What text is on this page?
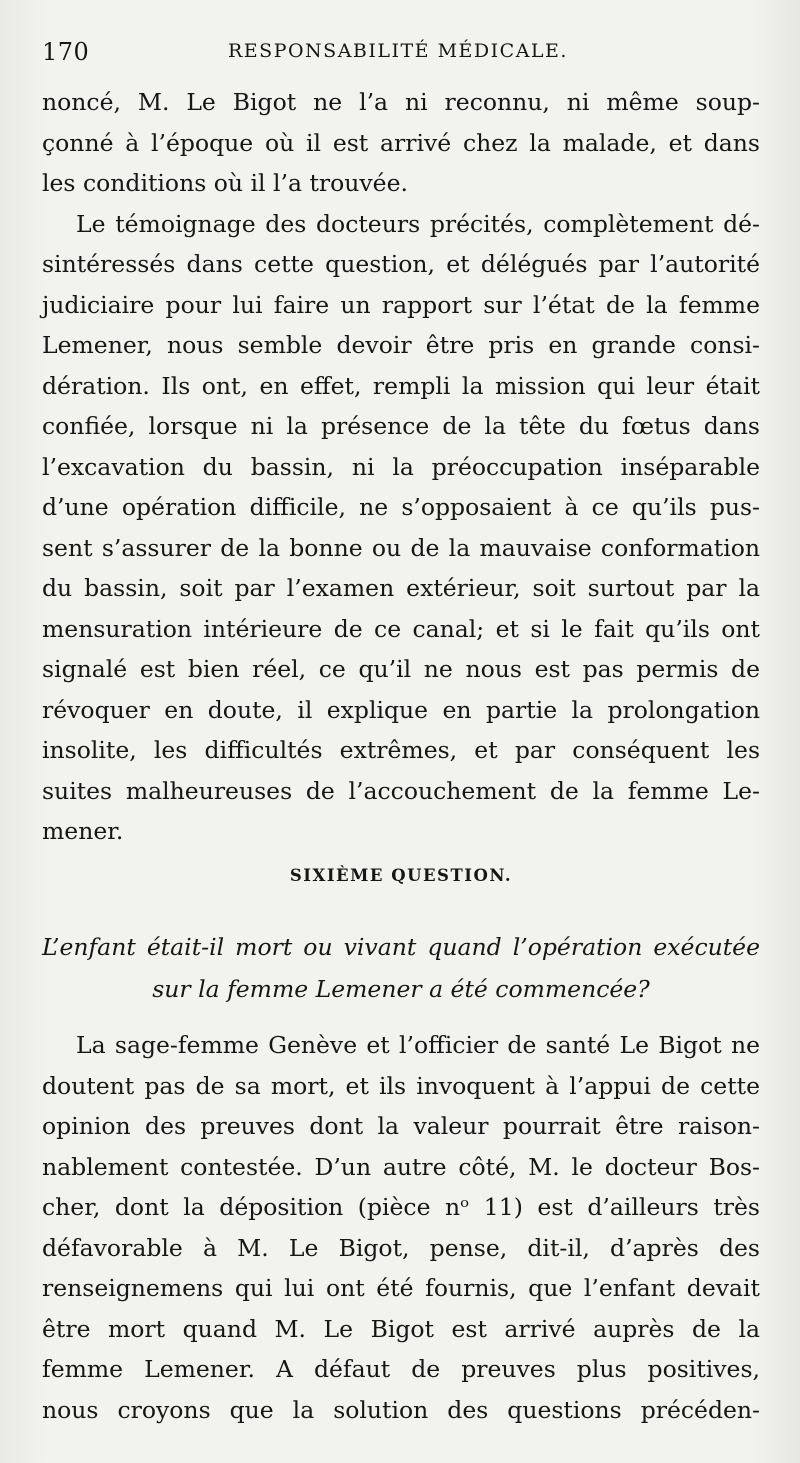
170	RESPONSABILITÉ MÉDICALE.
noncé, M. Le Bigot ne l’a ni reconnu, ni même soup-
çonné à l’époque où il est arrivé chez la malade, et dans
les conditions où il l’a trouvée.
Le témoignage des docteurs précités, complètement dé-
sintéressés dans cette question, et délégués par l’autorité
judiciaire pour lui faire un rapport sur l’état de la femme
Lemener, nous semble devoir être pris en grande consi-
dération. Ils ont, en effet, rempli la mission qui leur était
confiée, lorsque ni la présence de la tête du fœtus dans
l’excavation du bassin, ni la préoccupation inséparable
d’une opération difficile, ne s’opposaient à ce qu’ils pus-
sent s’assurer de la bonne ou de la mauvaise conformation
du bassin, soit par l’examen extérieur, soit surtout par la
mensuration intérieure de ce canal; et si le fait qu’ils ont
signalé est bien réel, ce qu’il ne nous est pas permis de
révoquer en doute, il explique en partie la prolongation
insolite, les difficultés extrêmes, et par conséquent les
suites malheureuses de l’accouchement de la femme Le-
mener.
SIXIÈME QUESTION.
L’enfant était-il mort ou vivant quand l’opération exécutée
sur la femme Lemener a été commencée?
La sage-femme Genève et l’officier de santé Le Bigot ne
doutent pas de sa mort, et ils invoquent à l’appui de cette
opinion des preuves dont la valeur pourrait être raison-
nablement contestée. D’un autre côté, M. le docteur Bos-
cher, dont la déposition (pièce nᵒ 11) est d’ailleurs très
défavorable à M. Le Bigot, pense, dit-il, d’après des
renseignemens qui lui ont été fournis, que l’enfant devait
être mort quand M. Le Bigot est arrivé auprès de la
femme Lemener. A défaut de preuves plus positives,
nous croyons que la solution des questions précéden-
